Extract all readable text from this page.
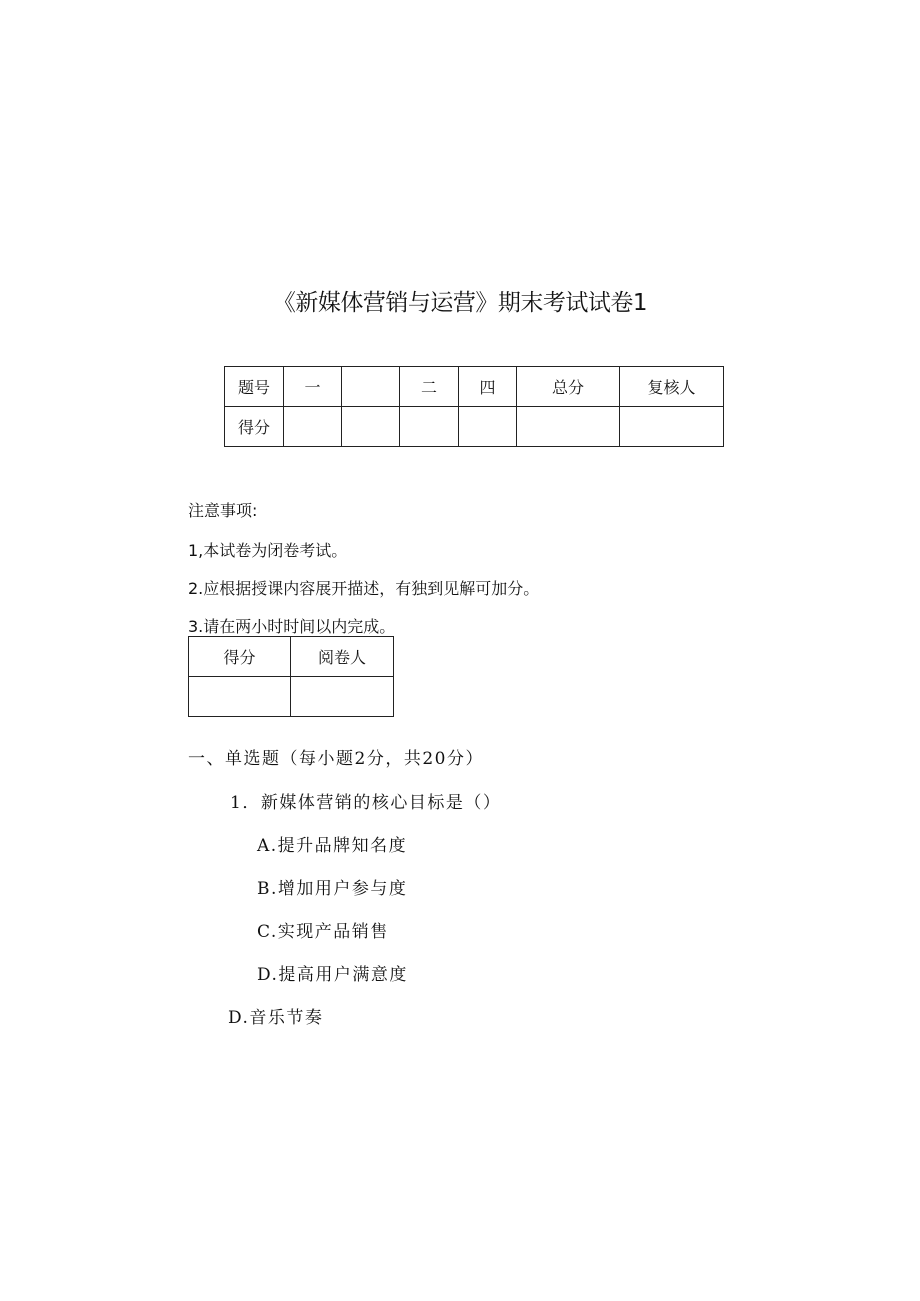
《新媒体营销与运营》期末考试试卷1
题号	一		二	四	总分	复核人
得分						
注意事项:
1,本试卷为闭卷考试。
2.应根据授课内容展开描述，有独到见解可加分。
3.请在两小时时间以内完成。
得分	阅卷人

一、单选题（每小题2分，共20分）
1．新媒体营销的核心目标是（）
A.提升品牌知名度
B.增加用户参与度
C.实现产品销售
D.提高用户满意度
D.音乐节奏
